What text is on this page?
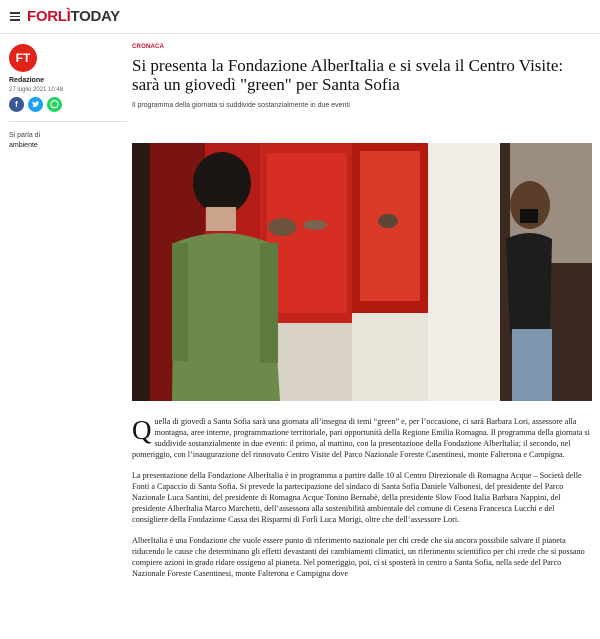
FORLÌTODAY
FT
Redazione
27 luglio 2021 10:48
f
Si parla di
ambiente
CRONACA
Si presenta la Fondazione AlberItalia e si svela il Centro Visite: sarà un giovedì "green" per Santa Sofia
Il programma della giornata si suddivide sostanzialmente in due eventi

Quella di giovedì a Santa Sofia sarà una giornata all’insegna di temi “green” e, per l’occasione, ci sarà Barbara Lori, assessore alla montagna, aree interne, programmazione territoriale, pari opportunità della Regione Emilia Romagna. Il programma della giornata si suddivide sostanzialmente in due eventi: il primo, al mattino, con la presentazione della Fondazione AlberItalia; il secondo, nel pomeriggio, con l’inaugurazione del rinnovato Centro Visite del Parco Nazionale Foreste Casentinesi, monte Falterona e Campigna.

La presentazione della Fondazione AlberItalia è in programma a partire dalle 10 al Centro Direzionale di Romagna Acque – Società delle Fonti a Capaccio di Santa Sofia. Si prevede la partecipazione del sindaco di Santa Sofia Daniele Valbonesi, del presidente del Parco Nazionale Luca Santini, del presidente di Romagna Acque Tonino Bernabè, della presidente Slow Food Italia Barbara Nappini, del presidente AlberItalia Marco Marchetti, dell’assessora alla sostenibilità ambientale del comune di Cesena Francesca Lucchi e del consigliere della Fondazione Cassa dei Risparmi di Forlì Luca Morigi, oltre che dell’assessore Lori.

AlberItalia è una Fondazione che vuole essere punto di riferimento nazionale per chi crede che sia ancora possibile salvare il pianeta riducendo le cause che determinano gli effetti devastanti dei cambiamenti climatici, un riferimento scientifico per chi crede che si possano compiere azioni in grado ridare ossigeno al pianeta. Nel pomeriggio, poi, ci si sposterà in centro a Santa Sofia, nella sede del Parco Nazionale Foreste Casentinesi, monte Falterona e Campigna dove
